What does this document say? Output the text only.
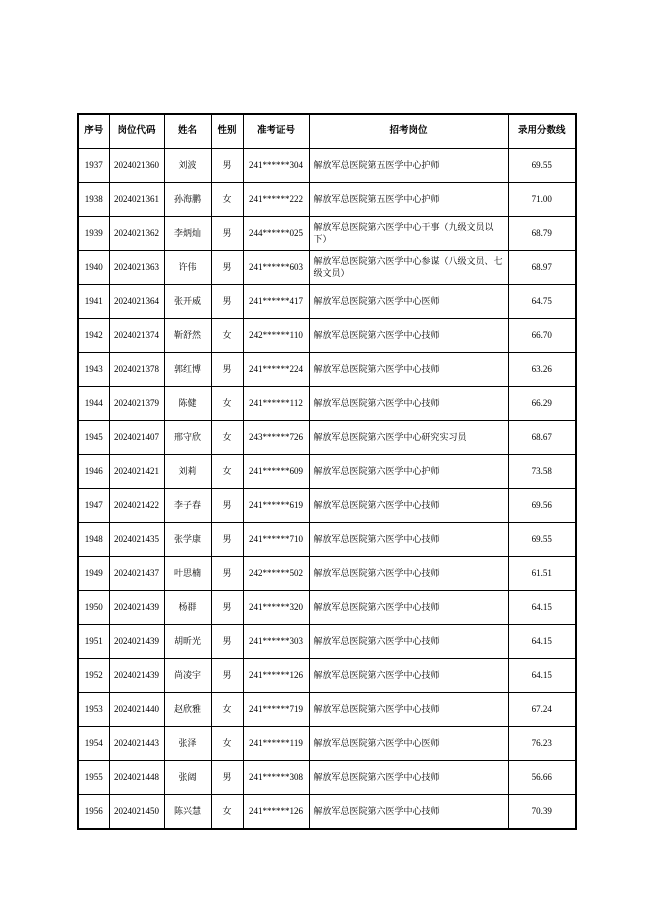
序号	岗位代码	姓名	性别	准考证号	招考岗位	录用分数线
1937	2024021360	刘波	男	241******304	解放军总医院第五医学中心护师	69.55
1938	2024021361	孙海鹏	女	241******222	解放军总医院第五医学中心护师	71.00
1939	2024021362	李炳灿	男	244******025	解放军总医院第六医学中心干事（九级文员以下）	68.79
1940	2024021363	许伟	男	241******603	解放军总医院第六医学中心参谋（八级文员、七级文员）	68.97
1941	2024021364	张开威	男	241******417	解放军总医院第六医学中心医师	64.75
1942	2024021374	靳舒然	女	242******110	解放军总医院第六医学中心技师	66.70
1943	2024021378	郭红博	男	241******224	解放军总医院第六医学中心技师	63.26
1944	2024021379	陈健	女	241******112	解放军总医院第六医学中心技师	66.29
1945	2024021407	邢守欣	女	243******726	解放军总医院第六医学中心研究实习员	68.67
1946	2024021421	刘莉	女	241******609	解放军总医院第六医学中心护师	73.58
1947	2024021422	李子春	男	241******619	解放军总医院第六医学中心技师	69.56
1948	2024021435	张学康	男	241******710	解放军总医院第六医学中心技师	69.55
1949	2024021437	叶思楠	男	242******502	解放军总医院第六医学中心技师	61.51
1950	2024021439	杨群	男	241******320	解放军总医院第六医学中心技师	64.15
1951	2024021439	胡昕光	男	241******303	解放军总医院第六医学中心技师	64.15
1952	2024021439	尚凌宇	男	241******126	解放军总医院第六医学中心技师	64.15
1953	2024021440	赵欣雅	女	241******719	解放军总医院第六医学中心技师	67.24
1954	2024021443	张泽	女	241******119	解放军总医院第六医学中心医师	76.23
1955	2024021448	张阔	男	241******308	解放军总医院第六医学中心技师	56.66
1956	2024021450	陈兴慧	女	241******126	解放军总医院第六医学中心技师	70.39
